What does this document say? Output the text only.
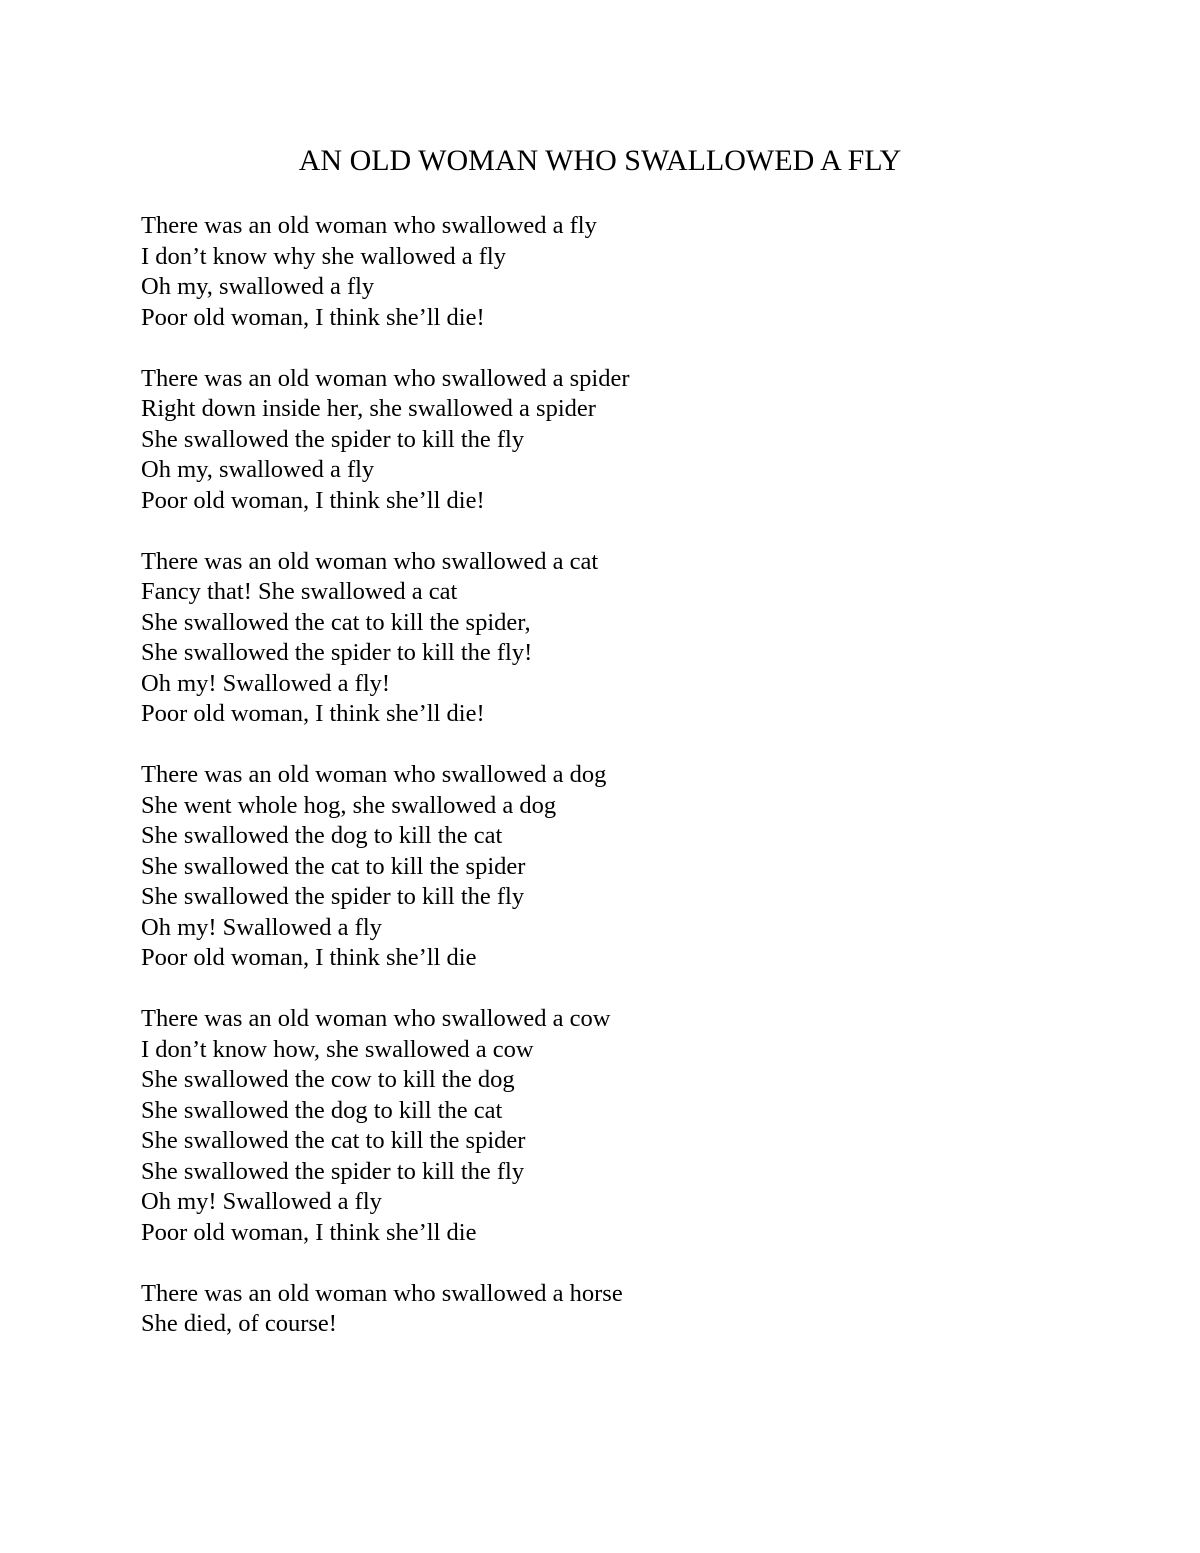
AN OLD WOMAN WHO SWALLOWED A FLY
There was an old woman who swallowed a fly
I don’t know why she wallowed a fly
Oh my, swallowed a fly
Poor old woman, I think she’ll die!
There was an old woman who swallowed a spider
Right down inside her, she swallowed a spider
She swallowed the spider to kill the fly
Oh my, swallowed a fly
Poor old woman, I think she’ll die!
There was an old woman who swallowed a cat
Fancy that! She swallowed a cat
She swallowed the cat to kill the spider,
She swallowed the spider to kill the fly!
Oh my! Swallowed a fly!
Poor old woman, I think she’ll die!
There was an old woman who swallowed a dog
She went whole hog, she swallowed a dog
She swallowed the dog to kill the cat
She swallowed the cat to kill the spider
She swallowed the spider to kill the fly
Oh my! Swallowed a fly
Poor old woman, I think she’ll die
There was an old woman who swallowed a cow
I don’t know how, she swallowed a cow
She swallowed the cow to kill the dog
She swallowed the dog to kill the cat
She swallowed the cat to kill the spider
She swallowed the spider to kill the fly
Oh my! Swallowed a fly
Poor old woman, I think she’ll die
There was an old woman who swallowed a horse
She died, of course!
